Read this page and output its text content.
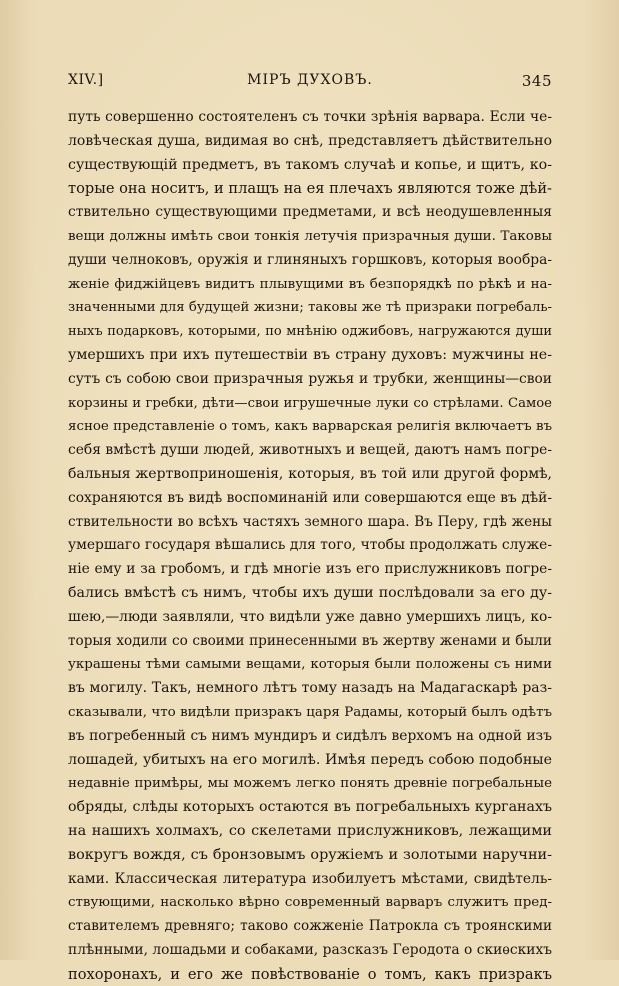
XIV.]	МІРЪ ДУХОВЪ.	345
путь совершенно состоятеленъ съ точки зрѣнія варвара. Если че-
ловѣческая душа, видимая во снѣ, представляетъ дѣйствительно
существующій предметъ, въ такомъ случаѣ и копье, и щитъ, ко-
торые она носитъ, и плащъ на ея плечахъ являются тоже дѣй-
ствительно существующими предметами, и всѣ неодушевленныя
вещи должны имѣть свои тонкія летучія призрачныя души. Таковы
души челноковъ, оружія и глиняныхъ горшковъ, которыя вообра-
женіе фиджійцевъ видитъ плывущими въ безпорядкѣ по рѣкѣ и на-
значенными для будущей жизни; таковы же тѣ призраки погребаль-
ныхъ подарковъ, которыми, по мнѣнію оджибовъ, нагружаются души
умершихъ при ихъ путешествіи въ страну духовъ: мужчины не-
сутъ съ собою свои призрачныя ружья и трубки, женщины—свои
корзины и гребки, дѣти—свои игрушечные луки со стрѣлами. Самое
ясное представленіе о томъ, какъ варварская религія включаетъ въ
себя вмѣстѣ души людей, животныхъ и вещей, даютъ намъ погре-
бальныя жертвоприношенія, которыя, въ той или другой формѣ,
сохраняются въ видѣ воспоминаній или совершаются еще въ дѣй-
ствительности во всѣхъ частяхъ земного шара. Въ Перу, гдѣ жены
умершаго государя вѣшались для того, чтобы продолжать служе-
ніе ему и за гробомъ, и гдѣ многіе изъ его прислужниковъ погре-
бались вмѣстѣ съ нимъ, чтобы ихъ души послѣдовали за его ду-
шею,—люди заявляли, что видѣли уже давно умершихъ лицъ, ко-
торыя ходили со своими принесенными въ жертву женами и были
украшены тѣми самыми вещами, которыя были положены съ ними
въ могилу. Такъ, немного лѣтъ тому назадъ на Мадагаскарѣ раз-
сказывали, что видѣли призракъ царя Радамы, который былъ одѣтъ
въ погребенный съ нимъ мундиръ и сидѣлъ верхомъ на одной изъ
лошадей, убитыхъ на его могилѣ. Имѣя передъ собою подобные
недавніе примѣры, мы можемъ легко понять древніе погребальные
обряды, слѣды которыхъ остаются въ погребальныхъ курганахъ
на нашихъ холмахъ, со скелетами прислужниковъ, лежащими
вокругъ вождя, съ бронзовымъ оружіемъ и золотыми наручни-
ками. Классическая литература изобилуетъ мѣстами, свидѣтель-
ствующими, насколько вѣрно современный варваръ служитъ пред-
ставителемъ древняго; таково сожженіе Патрокла съ троянскими
плѣнными, лошадьми и собаками, разсказъ Геродота о скиѳскихъ
похоронахъ, и его же повѣствованіе о томъ, какъ призракъ
